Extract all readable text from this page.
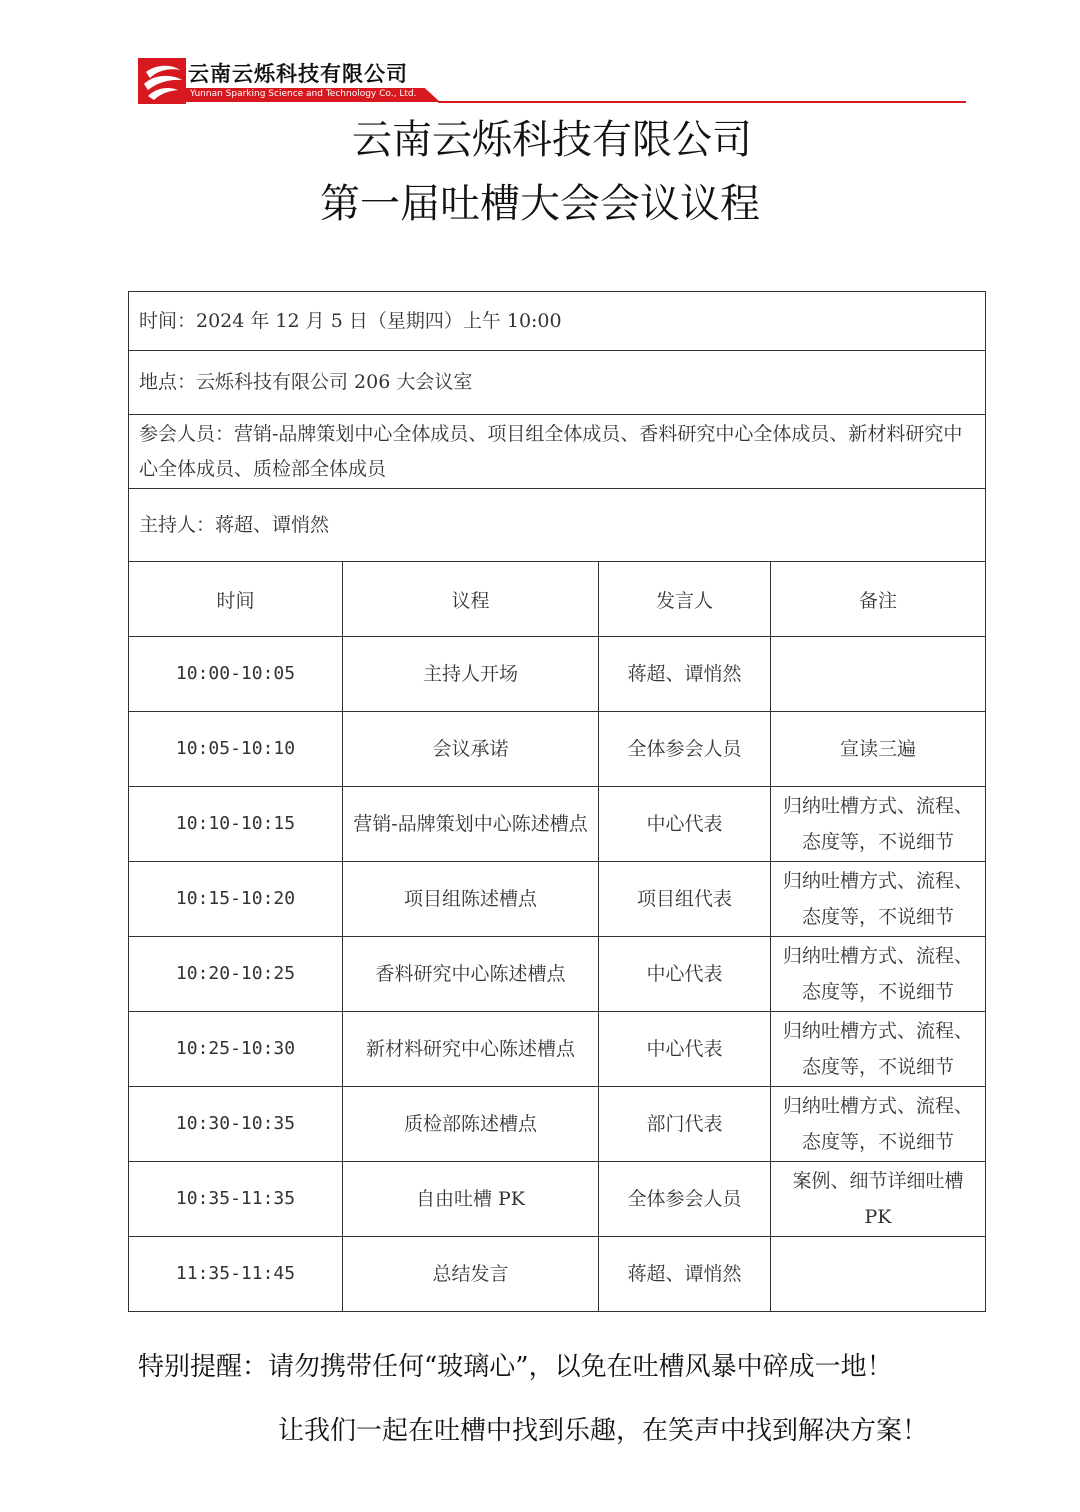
云南云烁科技有限公司
Yunnan Sparking Science and Technology Co., Ltd.
云南云烁科技有限公司
第一届吐槽大会会议议程
时间：2024 年 12 月 5 日（星期四）上午 10:00			
地点：云烁科技有限公司 206 大会议室			
参会人员：营销-品牌策划中心全体成员、项目组全体成员、香料研究中心全体成员、新材料研究中心全体成员、质检部全体成员			
主持人：蒋超、谭悄然			
时间	议程	发言人	备注
10:00-10:05	主持人开场	蒋超、谭悄然	
10:05-10:10	会议承诺	全体参会人员	宣读三遍
10:10-10:15	营销-品牌策划中心陈述槽点	中心代表	归纳吐槽方式、流程、态度等，不说细节
10:15-10:20	项目组陈述槽点	项目组代表	归纳吐槽方式、流程、态度等，不说细节
10:20-10:25	香料研究中心陈述槽点	中心代表	归纳吐槽方式、流程、态度等，不说细节
10:25-10:30	新材料研究中心陈述槽点	中心代表	归纳吐槽方式、流程、态度等，不说细节
10:30-10:35	质检部陈述槽点	部门代表	归纳吐槽方式、流程、态度等，不说细节
10:35-11:35	自由吐槽 PK	全体参会人员	案例、细节详细吐槽 PK
11:35-11:45	总结发言	蒋超、谭悄然	
特别提醒：请勿携带任何“玻璃心”，以免在吐槽风暴中碎成一地！
让我们一起在吐槽中找到乐趣，在笑声中找到解决方案！
